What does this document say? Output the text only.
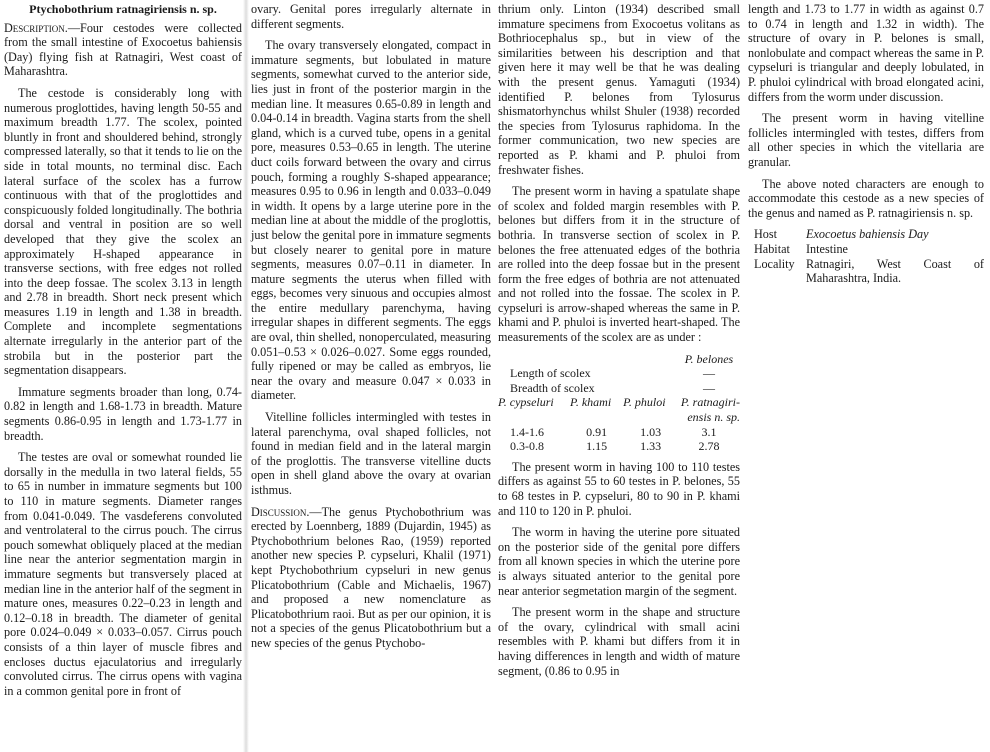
Ptychobothrium ratnagiriensis n. sp.

Description.—Four cestodes were collected from the small intestine of Exocoetus bahiensis (Day) flying fish at Ratnagiri, West coast of Maharashtra.

The cestode is considerably long with numerous proglottides, having length 50-55 and maximum breadth 1.77. The scolex, pointed bluntly in front and shouldered behind, strongly compressed laterally, so that it tends to lie on the side in total mounts, no terminal disc. Each lateral surface of the scolex has a furrow continuous with that of the proglottides and conspicuously folded longitudinally. The bothria dorsal and ventral in position are so well developed that they give the scolex an approximately H-shaped appearance in transverse sections, with free edges not rolled into the deep fossae. The scolex 3.13 in length and 2.78 in breadth. Short neck present which measures 1.19 in length and 1.38 in breadth. Complete and incomplete segmentations alternate irregularly in the anterior part of the strobila but in the posterior part the segmentation disappears.

Immature segments broader than long, 0.74-0.82 in length and 1.68-1.73 in breadth. Mature segments 0.86-0.95 in length and 1.73-1.77 in breadth.

The testes are oval or somewhat rounded lie dorsally in the medulla in two lateral fields, 55 to 65 in number in immature segments but 100 to 110 in mature segments. Diameter ranges from 0.041-0.049. The vasdeferens convoluted and ventrolateral to the cirrus pouch. The cirrus pouch somewhat obliquely placed at the median line near the anterior segmentation margin in immature segments but transversely placed at median line in the anterior half of the segment in mature ones, measures 0.22–0.23 in length and 0.12–0.18 in breadth. The diameter of genital pore 0.024–0.049 × 0.033–0.057. Cirrus pouch consists of a thin layer of muscle fibres and encloses ductus ejaculatorius and irregularly convoluted cirrus. The cirrus opens with vagina in a common genital pore in front of

ovary. Genital pores irregularly alternate in different segments.

The ovary transversely elongated, compact in immature segments, but lobulated in mature segments, somewhat curved to the anterior side, lies just in front of the posterior margin in the median line. It measures 0.65-0.89 in length and 0.04-0.14 in breadth. Vagina starts from the shell gland, which is a curved tube, opens in a genital pore, measures 0.53–0.65 in length. The uterine duct coils forward between the ovary and cirrus pouch, forming a roughly S-shaped appearance; measures 0.95 to 0.96 in length and 0.033–0.049 in width. It opens by a large uterine pore in the median line at about the middle of the proglottis, just below the genital pore in immature segments but closely nearer to genital pore in mature segments, measures 0.07–0.11 in diameter. In mature segments the uterus when filled with eggs, becomes very sinuous and occupies almost the entire medullary parenchyma, having irregular shapes in different segments. The eggs are oval, thin shelled, nonoperculated, measuring 0.051–0.53 × 0.026–0.027. Some eggs rounded, fully ripened or may be called as embryos, lie near the ovary and measure 0.047 × 0.033 in diameter.

Vitelline follicles intermingled with testes in lateral parenchyma, oval shaped follicles, not found in median field and in the lateral margin of the proglottis. The transverse vitelline ducts open in shell gland above the ovary at ovarian isthmus.

Discussion.—The genus Ptychobothrium was erected by Loennberg, 1889 (Dujardin, 1945) as Ptychobothrium belones Rao, (1959) reported another new species P. cypseluri, Khalil (1971) kept Ptychobothrium cypseluri in new genus Plicatobothrium (Cable and Michaelis, 1967) and proposed a new nomenclature as Plicatobothrium raoi. But as per our opinion, it is not a species of the genus Plicatobothrium but a new species of the genus Ptychobo-

thrium only. Linton (1934) described small immature specimens from Exocoetus volitans as Bothriocephalus sp., but in view of the similarities between his description and that given here it may well be that he was dealing with the present genus. Yamaguti (1934) identified P. belones from Tylosurus shismatorhynchus whilst Shuler (1938) recorded the species from Tylosurus raphidoma. In the former communication, two new species are reported as P. khami and P. phuloi from freshwater fishes.

The present worm in having a spatulate shape of scolex and folded margin resembles with P. belones but differs from it in the structure of bothria. In transverse section of scolex in P. belones the free attenuated edges of the bothria are rolled into the deep fossae but in the present form the free edges of bothria are not attenuated and not rolled into the fossae. The scolex in P. cypseluri is arrow-shaped whereas the same in P. khami and P. phuloi is inverted heart-shaped. The measurements of the scolex are as under :

			P. belones
Length of scolex			—
Breadth of scolex			—
P. cypseluri	P. khami	P. phuloi	P. ratnagiri-ensis n. sp.
1.4-1.6	0.91	1.03	3.1
0.3-0.8	1.15	1.33	2.78

The present worm in having 100 to 110 testes differs as against 55 to 60 testes in P. belones, 55 to 68 testes in P. cypseluri, 80 to 90 in P. khami and 110 to 120 in P. phuloi.

The worm in having the uterine pore situated on the posterior side of the genital pore differs from all known species in which the uterine pore is always situated anterior to the genital pore near anterior segmetation margin of the segment.

The present worm in the shape and structure of the ovary, cylindrical with small acini resembles with P. khami but differs from it in having differences in length and width of mature segment, (0.86 to 0.95 in

length and 1.73 to 1.77 in width as against 0.7 to 0.74 in length and 1.32 in width). The structure of ovary in P. belones is small, nonlobulate and compact whereas the same in P. cypseluri is triangular and deeply lobulated, in P. phuloi cylindrical with broad elongated acini, differs from the worm under discussion.

The present worm in having vitelline follicles intermingled with testes, differs from all other species in which the vitellaria are granular.

The above noted characters are enough to accommodate this cestode as a new species of the genus and named as P. ratnagiriensis n. sp.

Host	Exocoetus bahiensis Day
Habitat	Intestine
Locality Ratnagiri, West Coast of Maharashtra, India.
